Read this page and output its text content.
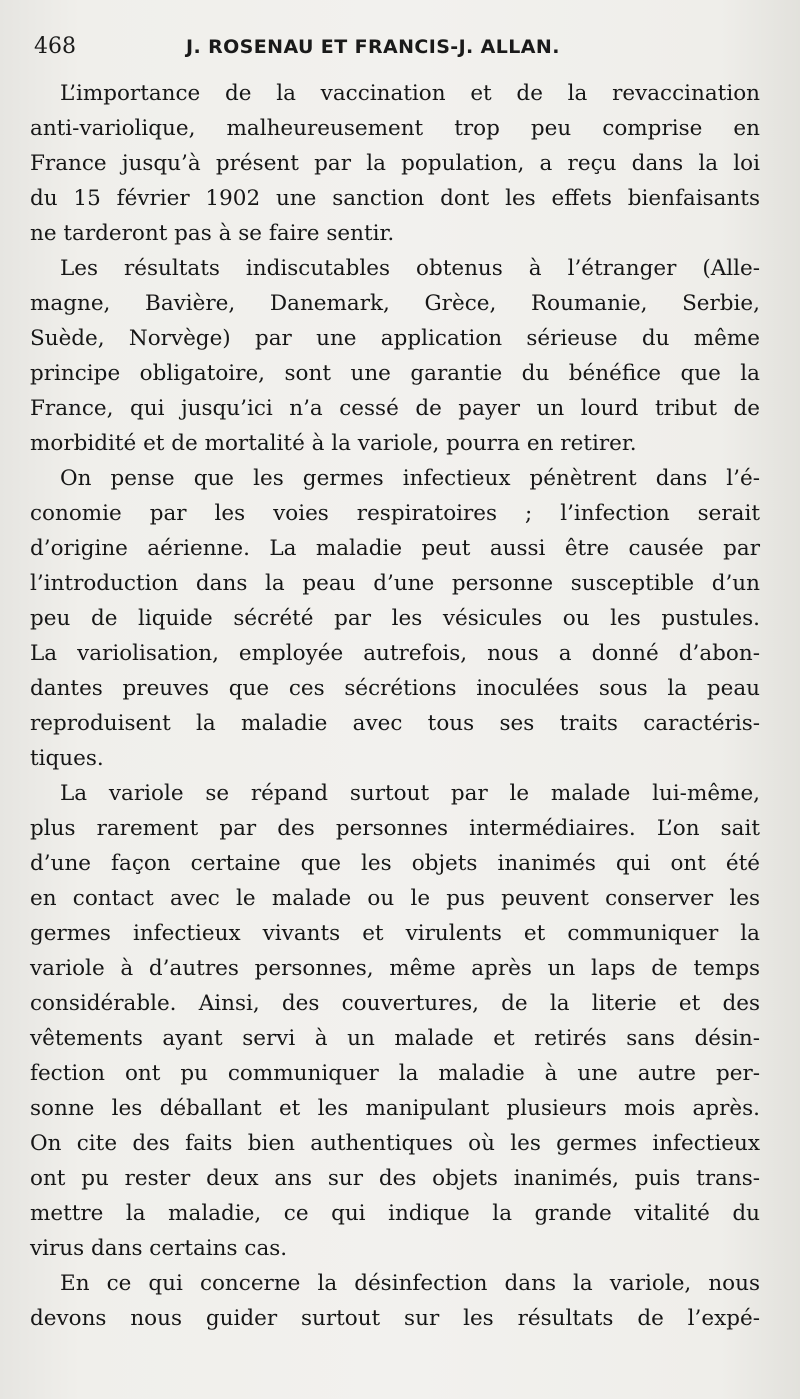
468	J. ROSENAU ET FRANCIS-J. ALLAN.
L’importance de la vaccination et de la revaccination
anti-variolique, malheureusement trop peu comprise en
France jusqu’à présent par la population, a reçu dans la loi
du 15 février 1902 une sanction dont les effets bienfaisants
ne tarderont pas à se faire sentir.
Les résultats indiscutables obtenus à l’étranger (Alle-
magne, Bavière, Danemark, Grèce, Roumanie, Serbie,
Suède, Norvège) par une application sérieuse du même
principe obligatoire, sont une garantie du bénéfice que la
France, qui jusqu’ici n’a cessé de payer un lourd tribut de
morbidité et de mortalité à la variole, pourra en retirer.
On pense que les germes infectieux pénètrent dans l’é-
conomie par les voies respiratoires ; l’infection serait
d’origine aérienne. La maladie peut aussi être causée par
l’introduction dans la peau d’une personne susceptible d’un
peu de liquide sécrété par les vésicules ou les pustules.
La variolisation, employée autrefois, nous a donné d’abon-
dantes preuves que ces sécrétions inoculées sous la peau
reproduisent la maladie avec tous ses traits caractéris-
tiques.
La variole se répand surtout par le malade lui-même,
plus rarement par des personnes intermédiaires. L’on sait
d’une façon certaine que les objets inanimés qui ont été
en contact avec le malade ou le pus peuvent conserver les
germes infectieux vivants et virulents et communiquer la
variole à d’autres personnes, même après un laps de temps
considérable. Ainsi, des couvertures, de la literie et des
vêtements ayant servi à un malade et retirés sans désin-
fection ont pu communiquer la maladie à une autre per-
sonne les déballant et les manipulant plusieurs mois après.
On cite des faits bien authentiques où les germes infectieux
ont pu rester deux ans sur des objets inanimés, puis trans-
mettre la maladie, ce qui indique la grande vitalité du
virus dans certains cas.
En ce qui concerne la désinfection dans la variole, nous
devons nous guider surtout sur les résultats de l’expé-
